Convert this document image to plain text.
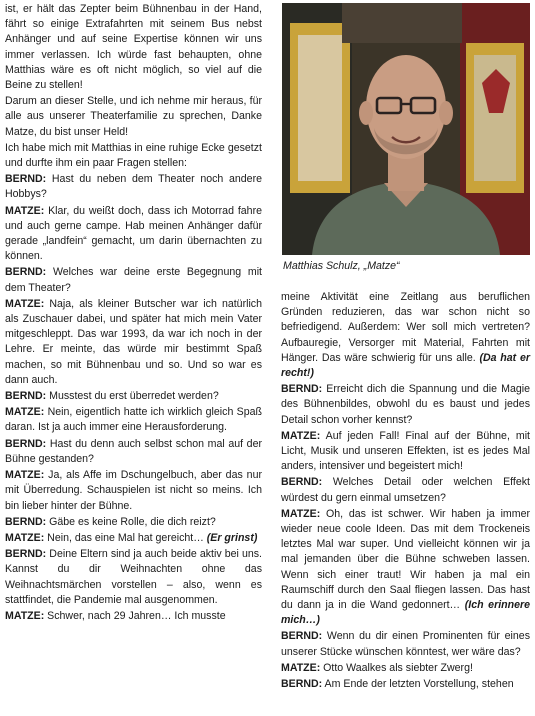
ist, er hält das Zepter beim Bühnenbau in der Hand, fährt so einige Extrafahrten mit seinem Bus nebst Anhänger und auf seine Expertise können wir uns immer verlassen. Ich würde fast behaupten, ohne Matthias wäre es oft nicht möglich, so viel auf die Beine zu stellen!

Darum an dieser Stelle, und ich nehme mir heraus, für alle aus unserer Theaterfamilie zu sprechen, Danke Matze, du bist unser Held!

Ich habe mich mit Matthias in eine ruhige Ecke gesetzt und durfte ihm ein paar Fragen stellen:

BERND: Hast du neben dem Theater noch andere Hobbys?

MATZE: Klar, du weißt doch, dass ich Motorrad fahre und auch gerne campe. Hab meinen Anhänger dafür gerade „landfein“ gemacht, um darin übernachten zu können.

BERND: Welches war deine erste Begegnung mit dem Theater?

MATZE: Naja, als kleiner Butscher war ich natürlich als Zuschauer dabei, und später hat mich mein Vater mitgeschleppt. Das war 1993, da war ich noch in der Lehre. Er meinte, das würde mir bestimmt Spaß machen, so mit Bühnenbau und so. Und so war es dann auch.

BERND: Musstest du erst überredet werden?

MATZE: Nein, eigentlich hatte ich wirklich gleich Spaß daran. Ist ja auch immer eine Herausforderung.

BERND: Hast du denn auch selbst schon mal auf der Bühne gestanden?

MATZE: Ja, als Affe im Dschungelbuch, aber das nur mit Überredung. Schauspielen ist nicht so meins. Ich bin lieber hinter der Bühne.

BERND: Gäbe es keine Rolle, die dich reizt?

MATZE: Nein, das eine Mal hat gereicht… (Er grinst)

BERND: Deine Eltern sind ja auch beide aktiv bei uns. Kannst du dir Weihnachten ohne das Weihnachtsmärchen vorstellen – also, wenn es stattfindet, die Pandemie mal ausgenommen.

MATZE: Schwer, nach 29 Jahren… Ich musste

Matthias Schulz, „Matze“

meine Aktivität eine Zeitlang aus beruflichen Gründen reduzieren, das war schon nicht so befriedigend. Außerdem: Wer soll mich vertreten? Aufbauregie, Versorger mit Material, Fahrten mit Hänger. Das wäre schwierig für uns alle. (Da hat er recht!)

BERND: Erreicht dich die Spannung und die Magie des Bühnenbildes, obwohl du es baust und jedes Detail schon vorher kennst?

MATZE: Auf jeden Fall! Final auf der Bühne, mit Licht, Musik und unseren Effekten, ist es jedes Mal anders, intensiver und begeistert mich!

BERND: Welches Detail oder welchen Effekt würdest du gern einmal umsetzen?

MATZE: Oh, das ist schwer. Wir haben ja immer wieder neue coole Ideen. Das mit dem Trockeneis letztes Mal war super. Und vielleicht können wir ja mal jemanden über die Bühne schweben lassen. Wenn sich einer traut! Wir haben ja mal ein Raumschiff durch den Saal fliegen lassen. Das hast du dann ja in die Wand gedonnert… (Ich erinnere mich…)

BERND: Wenn du dir einen Prominenten für eines unserer Stücke wünschen könntest, wer wäre das?

MATZE: Otto Waalkes als siebter Zwerg!

BERND: Am Ende der letzten Vorstellung, stehen
